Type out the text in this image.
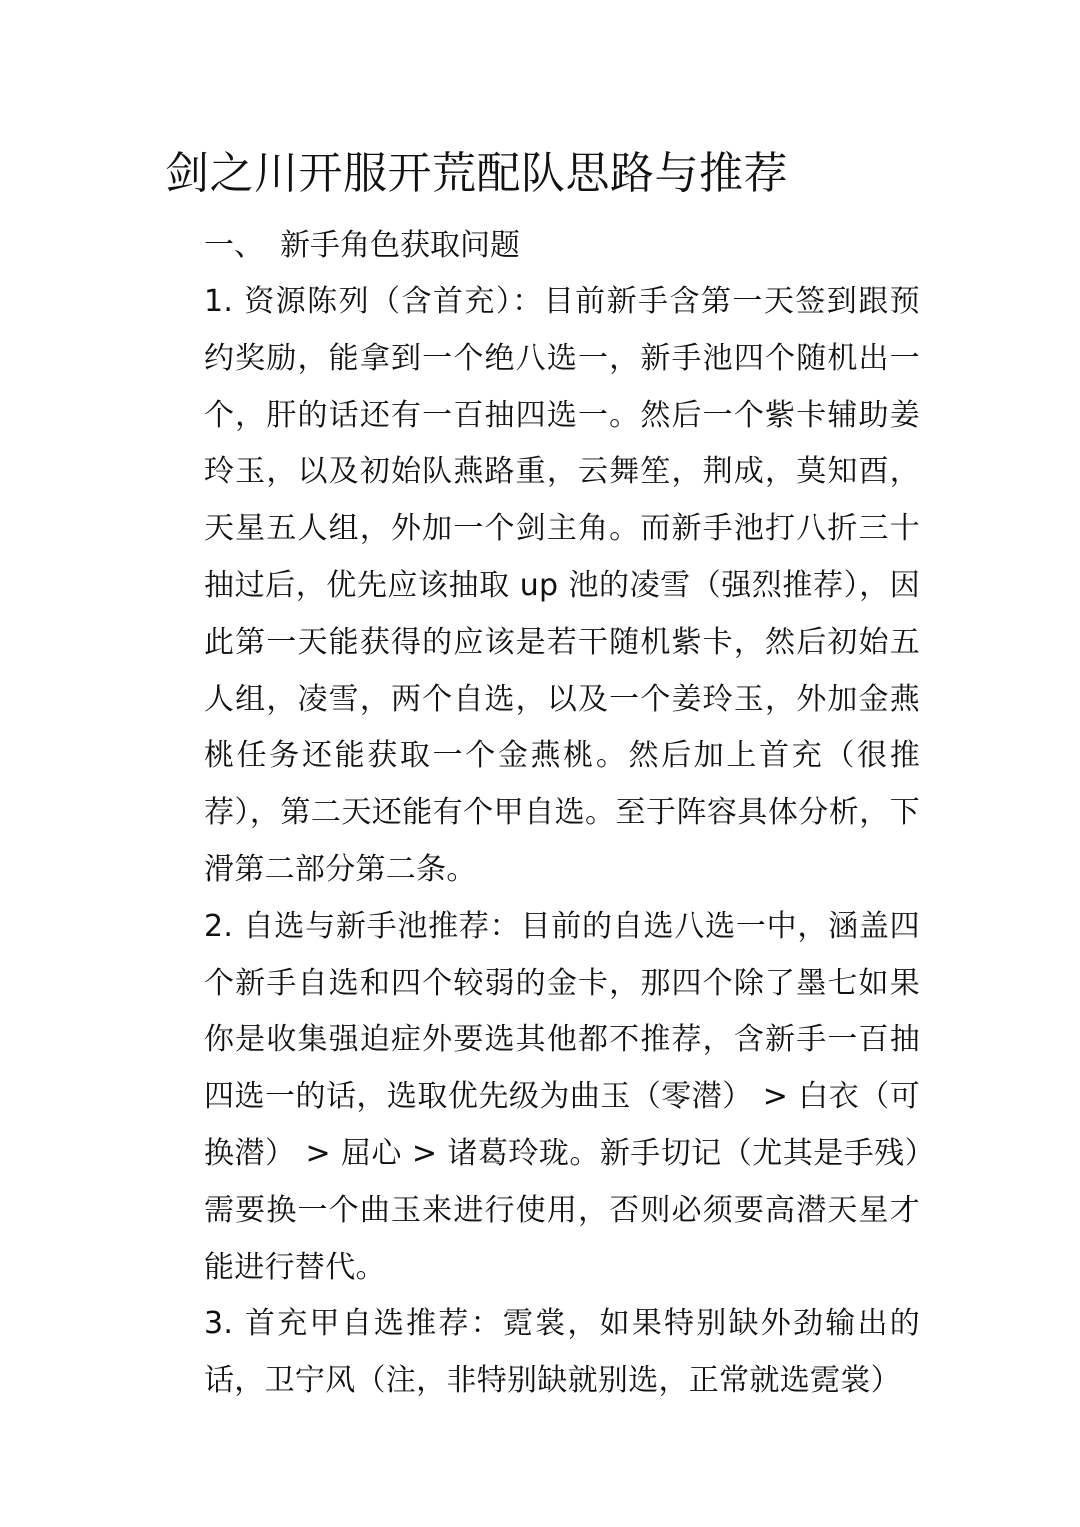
剑之川开服开荒配队思路与推荐
一、 新手角色获取问题

1. 资源陈列（含首充）：目前新手含第一天签到跟预约奖励，能拿到一个绝八选一，新手池四个随机出一个，肝的话还有一百抽四选一。然后一个紫卡辅助姜玲玉，以及初始队燕路重，云舞笙，荆成，莫知酉，天星五人组，外加一个剑主角。而新手池打八折三十抽过后，优先应该抽取 up 池的凌雪（强烈推荐），因此第一天能获得的应该是若干随机紫卡，然后初始五人组，凌雪，两个自选，以及一个姜玲玉，外加金燕桃任务还能获取一个金燕桃。然后加上首充（很推荐），第二天还能有个甲自选。至于阵容具体分析，下滑第二部分第二条。

2. 自选与新手池推荐：目前的自选八选一中，涵盖四个新手自选和四个较弱的金卡，那四个除了墨七如果你是收集强迫症外要选其他都不推荐，含新手一百抽四选一的话，选取优先级为曲玉（零潜） > 白衣（可换潜） > 屈心 > 诸葛玲珑。新手切记（尤其是手残）需要换一个曲玉来进行使用，否则必须要高潜天星才能进行替代。

3. 首充甲自选推荐：霓裳，如果特别缺外劲输出的话，卫宁风（注，非特别缺就别选，正常就选霓裳）
